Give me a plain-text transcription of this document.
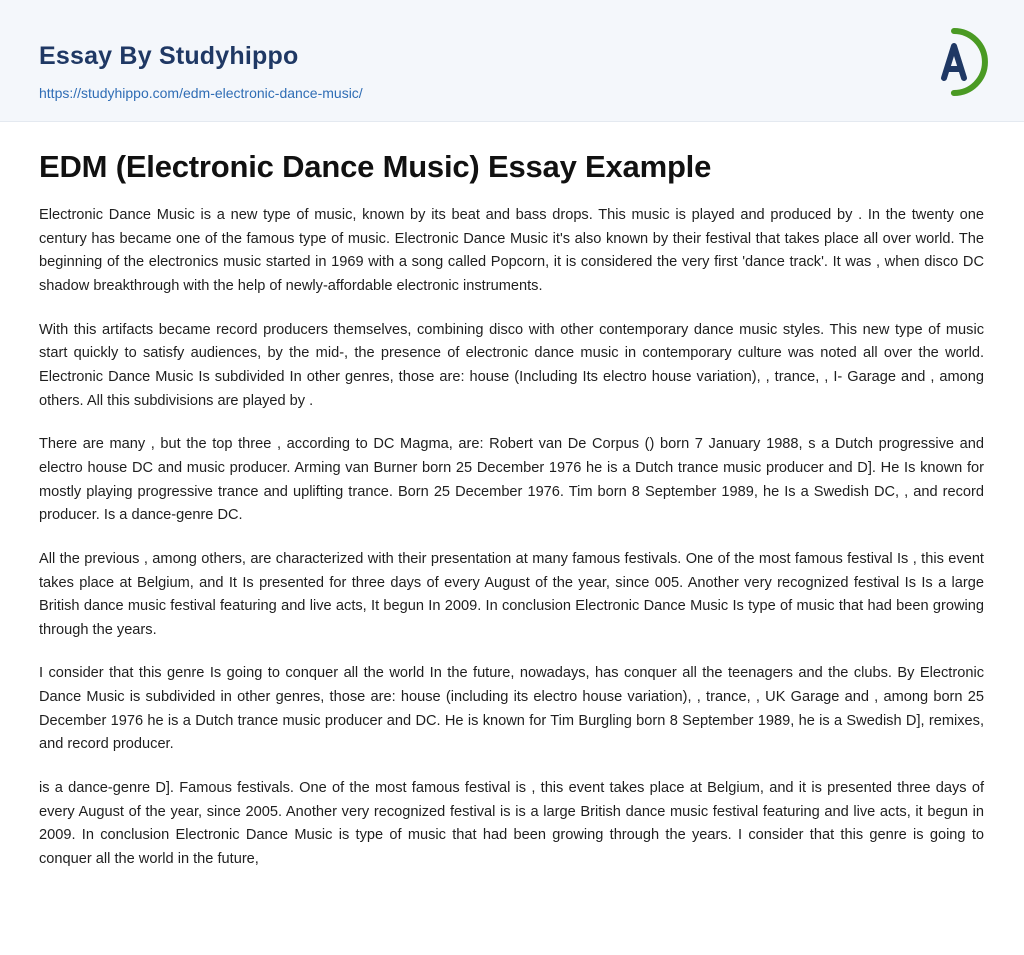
Essay By Studyhippo
https://studyhippo.com/edm-electronic-dance-music/
EDM (Electronic Dance Music) Essay Example

Electronic Dance Music is a new type of music, known by its beat and bass drops. This music is played and produced by . In the twenty one century has became one of the famous type of music. Electronic Dance Music it's also known by their festival that takes place all over world. The beginning of the electronics music started in 1969 with a song called Popcorn, it is considered the very first 'dance track'. It was , when disco DC shadow breakthrough with the help of newly-affordable electronic instruments.

With this artifacts became record producers themselves, combining disco with other contemporary dance music styles. This new type of music start quickly to satisfy audiences, by the mid-, the presence of electronic dance music in contemporary culture was noted all over the world. Electronic Dance Music Is subdivided In other genres, those are: house (Including Its electro house variation), , trance, , I- Garage and , among others. All this subdivisions are played by .

There are many , but the top three , according to DC Magma, are: Robert van De Corpus () born 7 January 1988, s a Dutch progressive and electro house DC and music producer. Arming van Burner born 25 December 1976 he is a Dutch trance music producer and D]. He Is known for mostly playing progressive trance and uplifting trance. Born 25 December 1976. Tim born 8 September 1989, he Is a Swedish DC, , and record producer. Is a dance-genre DC.

All the previous , among others, are characterized with their presentation at many famous festivals. One of the most famous festival Is , this event takes place at Belgium, and It Is presented for three days of every August of the year, since 005. Another very recognized festival Is Is a large British dance music festival featuring and live acts, It begun In 2009. In conclusion Electronic Dance Music Is type of music that had been growing through the years.

I consider that this genre Is going to conquer all the world In the future, nowadays, has conquer all the teenagers and the clubs. By Electronic Dance Music is subdivided in other genres, those are: house (including its electro house variation), , trance, , UK Garage and , among born 25 December 1976 he is a Dutch trance music producer and DC. He is known for Tim Burgling born 8 September 1989, he is a Swedish D], remixes, and record producer.

is a dance-genre D]. Famous festivals. One of the most famous festival is , this event takes place at Belgium, and it is presented three days of every August of the year, since 2005. Another very recognized festival is is a large British dance music festival featuring and live acts, it begun in 2009. In conclusion Electronic Dance Music is type of music that had been growing through the years. I consider that this genre is going to conquer all the world in the future,
